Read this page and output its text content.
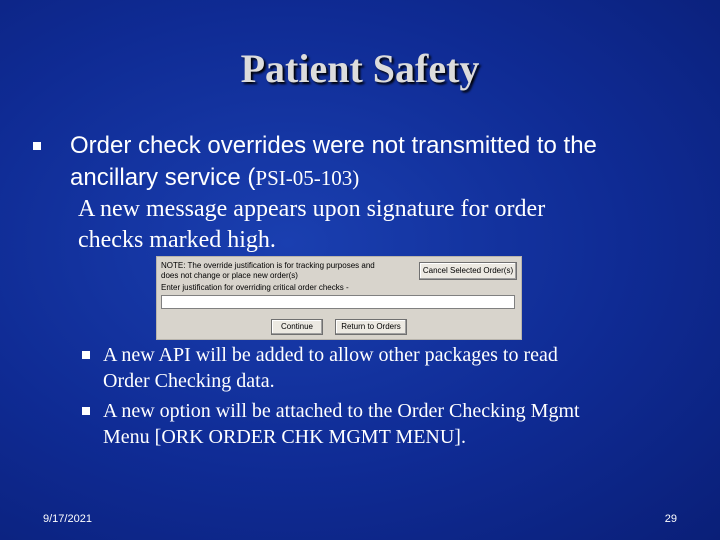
Patient Safety
Order check overrides were not transmitted to the
ancillary service (PSI-05-103)
A new message appears upon signature for order
checks marked high.
NOTE: The override justification is for tracking purposes and
does not change or place new order(s)
Enter justification for overriding critical order checks -
Cancel Selected Order(s)
Continue	Return to Orders
A new API will be added to allow other packages to read
Order Checking data.
A new option will be attached to the Order Checking Mgmt
Menu [ORK ORDER CHK MGMT MENU].
9/17/2021	29
